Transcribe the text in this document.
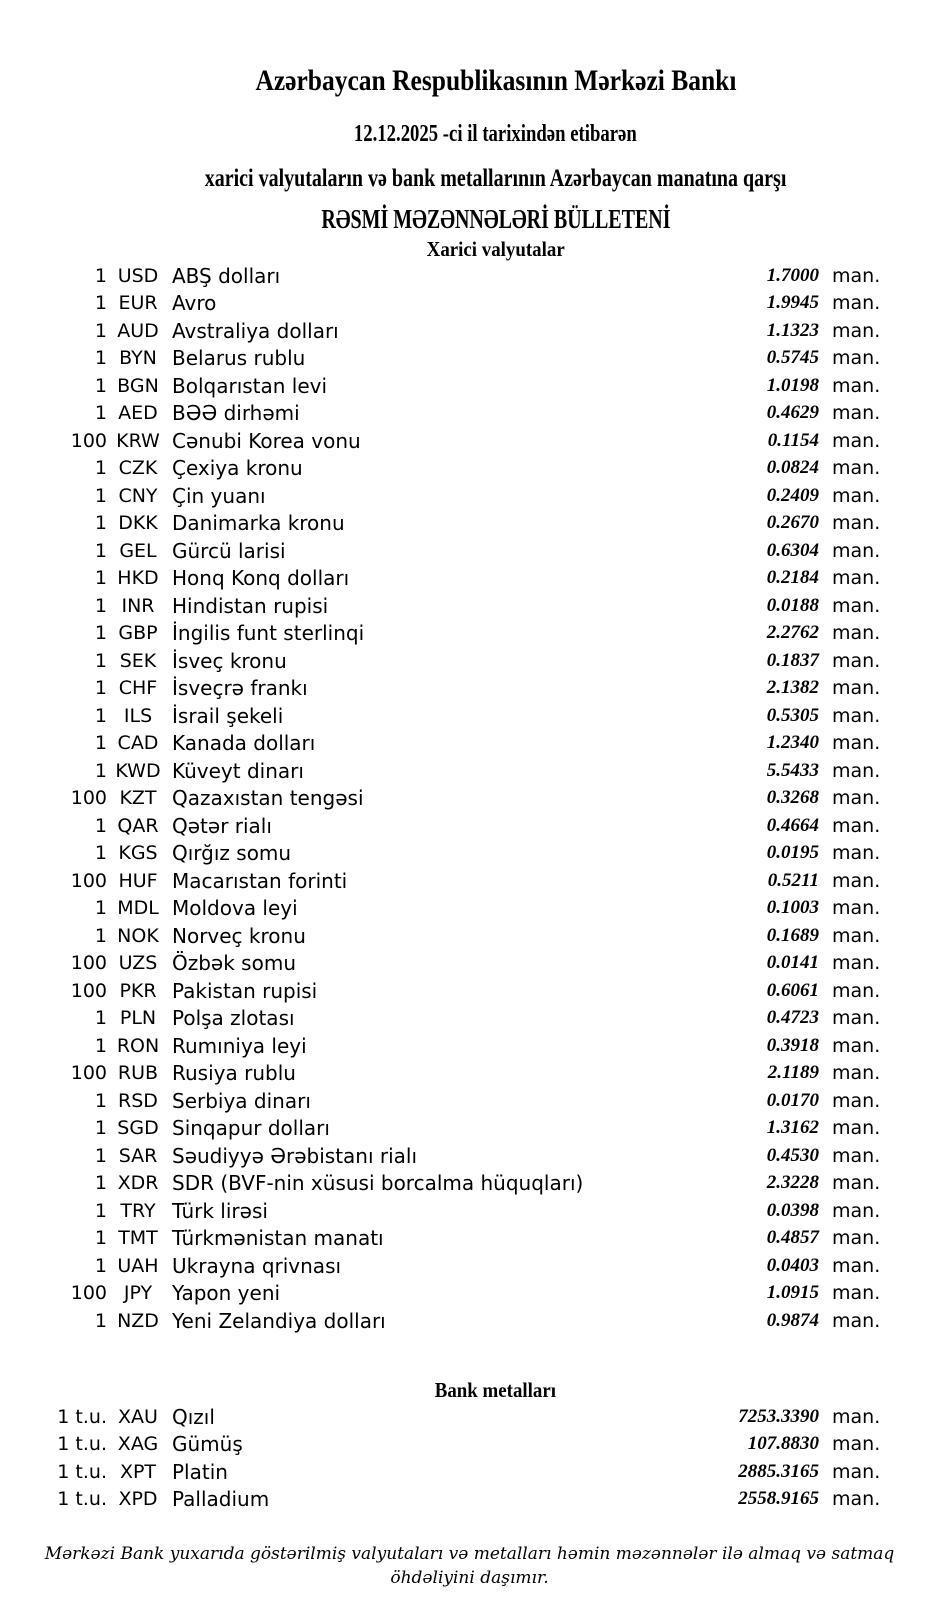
Azərbaycan Respublikasının Mərkəzi Bankı
12.12.2025 -ci il tarixindən etibarən
xarici valyutaların və bank metallarının Azərbaycan manatına qarşı
RƏSMİ MƏZƏNNƏLƏRİ BÜLLETENİ
Xarici valyutalar
1 USD ABŞ dolları	1.7000 man.
1 EUR Avro	1.9945 man.
1 AUD Avstraliya dolları	1.1323 man.
1 BYN Belarus rublu	0.5745 man.
1 BGN Bolqarıstan levi	1.0198 man.
1 AED BƏƏ dirhəmi	0.4629 man.
100 KRW Cənubi Korea vonu	0.1154 man.
1 CZK Çexiya kronu	0.0824 man.
1 CNY Çin yuanı	0.2409 man.
1 DKK Danimarka kronu	0.2670 man.
1 GEL Gürcü larisi	0.6304 man.
1 HKD Honq Konq dolları	0.2184 man.
1 INR Hindistan rupisi	0.0188 man.
1 GBP İngilis funt sterlinqi	2.2762 man.
1 SEK İsveç kronu	0.1837 man.
1 CHF İsveçrə frankı	2.1382 man.
1 ILS İsrail şekeli	0.5305 man.
1 CAD Kanada dolları	1.2340 man.
1 KWD Küveyt dinarı	5.5433 man.
100 KZT Qazaxıstan tengəsi	0.3268 man.
1 QAR Qətər rialı	0.4664 man.
1 KGS Qırğız somu	0.0195 man.
100 HUF Macarıstan forinti	0.5211 man.
1 MDL Moldova leyi	0.1003 man.
1 NOK Norveç kronu	0.1689 man.
100 UZS Özbək somu	0.0141 man.
100 PKR Pakistan rupisi	0.6061 man.
1 PLN Polşa zlotası	0.4723 man.
1 RON Rumıniya leyi	0.3918 man.
100 RUB Rusiya rublu	2.1189 man.
1 RSD Serbiya dinarı	0.0170 man.
1 SGD Sinqapur dolları	1.3162 man.
1 SAR Səudiyyə Ərəbistanı rialı	0.4530 man.
1 XDR SDR (BVF-nin xüsusi borcalma hüquqları)	2.3228 man.
1 TRY Türk lirəsi	0.0398 man.
1 TMT Türkmənistan manatı	0.4857 man.
1 UAH Ukrayna qrivnası	0.0403 man.
100 JPY Yapon yeni	1.0915 man.
1 NZD Yeni Zelandiya dolları	0.9874 man.
Bank metalları
1 t.u. XAU Qızıl	7253.3390 man.
1 t.u. XAG Gümüş	107.8830 man.
1 t.u. XPT Platin	2885.3165 man.
1 t.u. XPD Palladium	2558.9165 man.
Mərkəzi Bank yuxarıda göstərilmiş valyutaları və metalları həmin məzənnələr ilə almaq və satmaq öhdəliyini daşımır.
